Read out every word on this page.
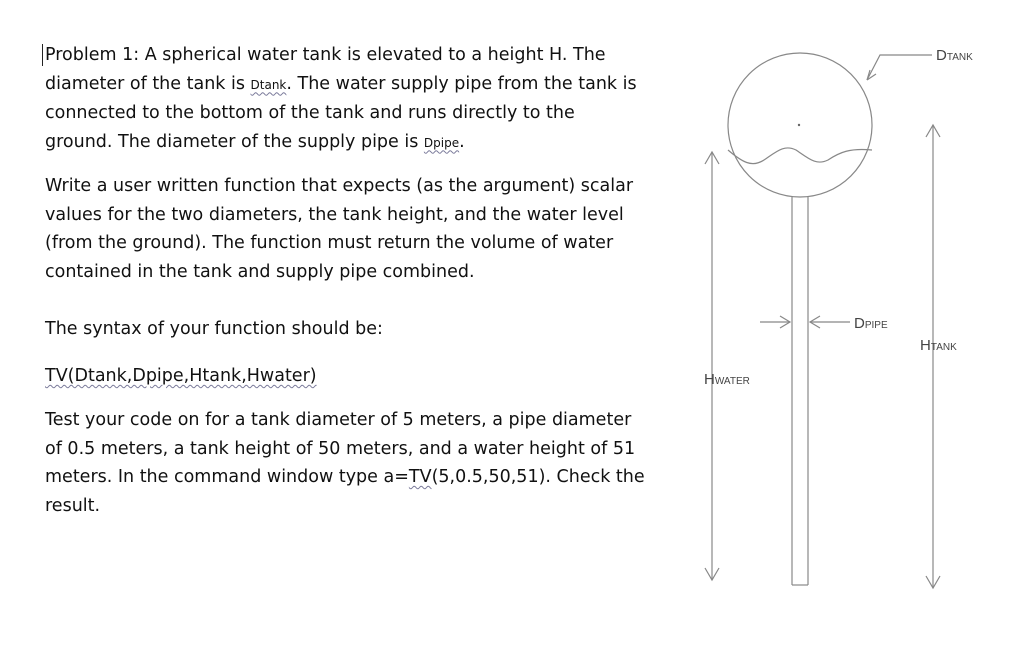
Problem 1: A spherical water tank is elevated to a height H. The
diameter of the tank is Dtank. The water supply pipe from the tank is
connected to the bottom of the tank and runs directly to the
ground. The diameter of the supply pipe is Dpipe.

Write a user written function that expects (as the argument) scalar
values for the two diameters, the tank height, and the water level
(from the ground). The function must return the volume of water
contained in the tank and supply pipe combined.
The syntax of your function should be:
TV(Dtank,Dpipe,Htank,Hwater)
Test your code on for a tank diameter of 5 meters, a pipe diameter
of 0.5 meters, a tank height of 50 meters, and a water height of 51
meters. In the command window type a=TV(5,0.5,50,51). Check the
result.
DTANK
DPIPE
HTANK
HWATER
